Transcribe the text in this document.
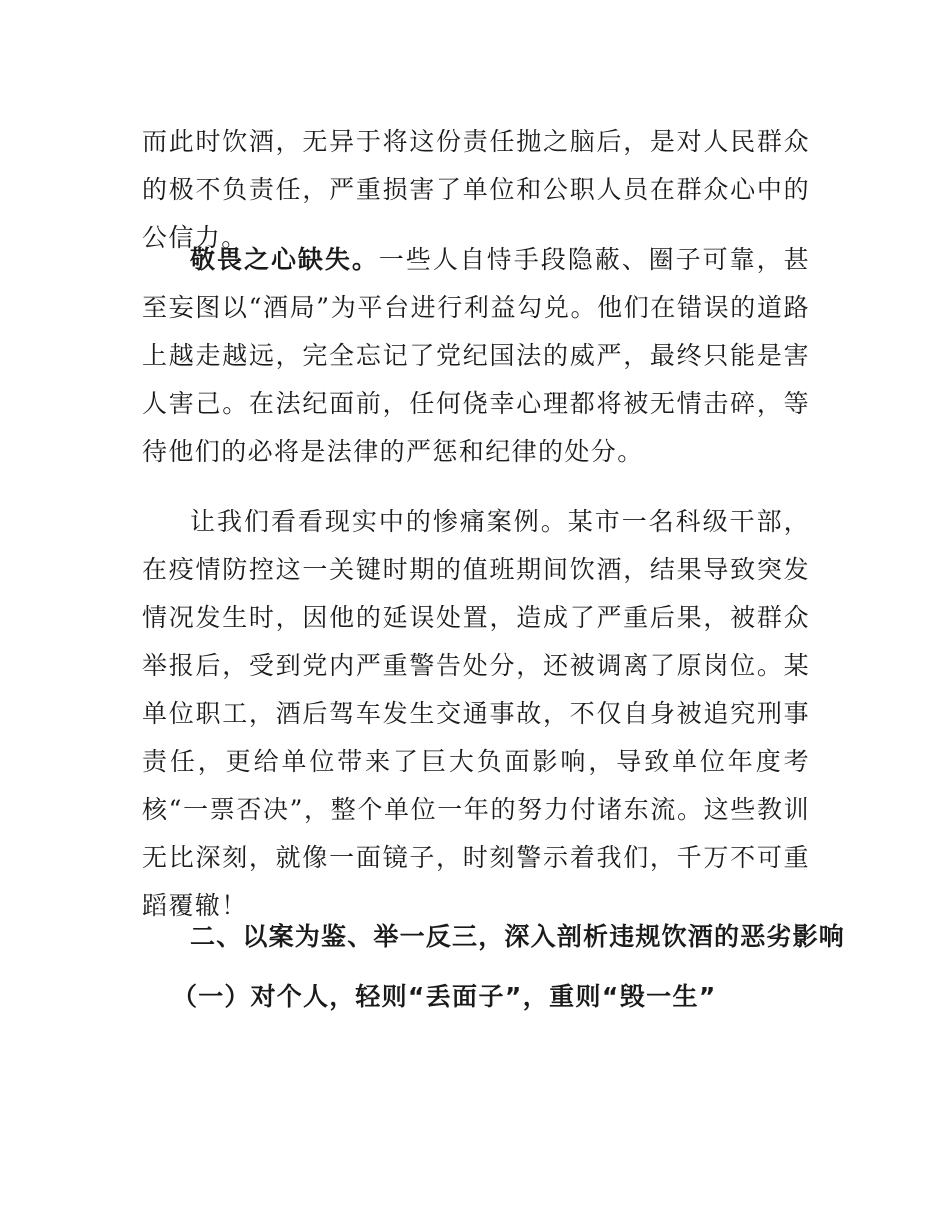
而此时饮酒，无异于将这份责任抛之脑后，是对人民群众的极不负责任，严重损害了单位和公职人员在群众心中的公信力。

敬畏之心缺失。一些人自恃手段隐蔽、圈子可靠，甚至妄图以“酒局”为平台进行利益勾兑。他们在错误的道路上越走越远，完全忘记了党纪国法的威严，最终只能是害人害己。在法纪面前，任何侥幸心理都将被无情击碎，等待他们的必将是法律的严惩和纪律的处分。

让我们看看现实中的惨痛案例。某市一名科级干部，在疫情防控这一关键时期的值班期间饮酒，结果导致突发情况发生时，因他的延误处置，造成了严重后果，被群众举报后，受到党内严重警告处分，还被调离了原岗位。某单位职工，酒后驾车发生交通事故，不仅自身被追究刑事责任，更给单位带来了巨大负面影响，导致单位年度考核“一票否决”，整个单位一年的努力付诸东流。这些教训无比深刻，就像一面镜子，时刻警示着我们，千万不可重蹈覆辙！

二、以案为鉴、举一反三，深入剖析违规饮酒的恶劣影响
（一）对个人，轻则“丢面子”，重则“毁一生”
